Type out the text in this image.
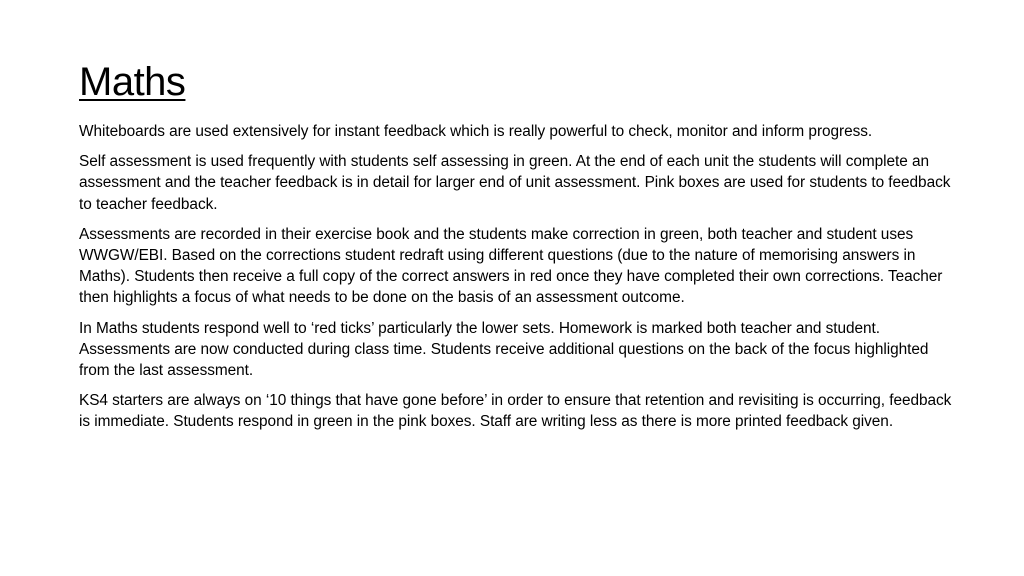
Maths

Whiteboards are used extensively for instant feedback which is really powerful to check, monitor and inform progress.

Self assessment is used frequently with students self assessing in green. At the end of each unit the students will complete an assessment and the teacher feedback is in detail for larger end of unit assessment. Pink boxes are used for students to feedback to teacher feedback.

Assessments are recorded in their exercise book and the students make correction in green, both teacher and student uses WWGW/EBI. Based on the corrections student redraft using different questions (due to the nature of memorising answers in Maths). Students then receive a full copy of the correct answers in red once they have completed their own corrections. Teacher then highlights a focus of what needs to be done on the basis of an assessment outcome.

In Maths students respond well to ‘red ticks’ particularly the lower sets. Homework is marked both teacher and student. Assessments are now conducted during class time. Students receive additional questions on the back of the focus highlighted from the last assessment.

KS4 starters are always on ‘10 things that have gone before’ in order to ensure that retention and revisiting is occurring, feedback is immediate. Students respond in green in the pink boxes. Staff are writing less as there is more printed feedback given.
